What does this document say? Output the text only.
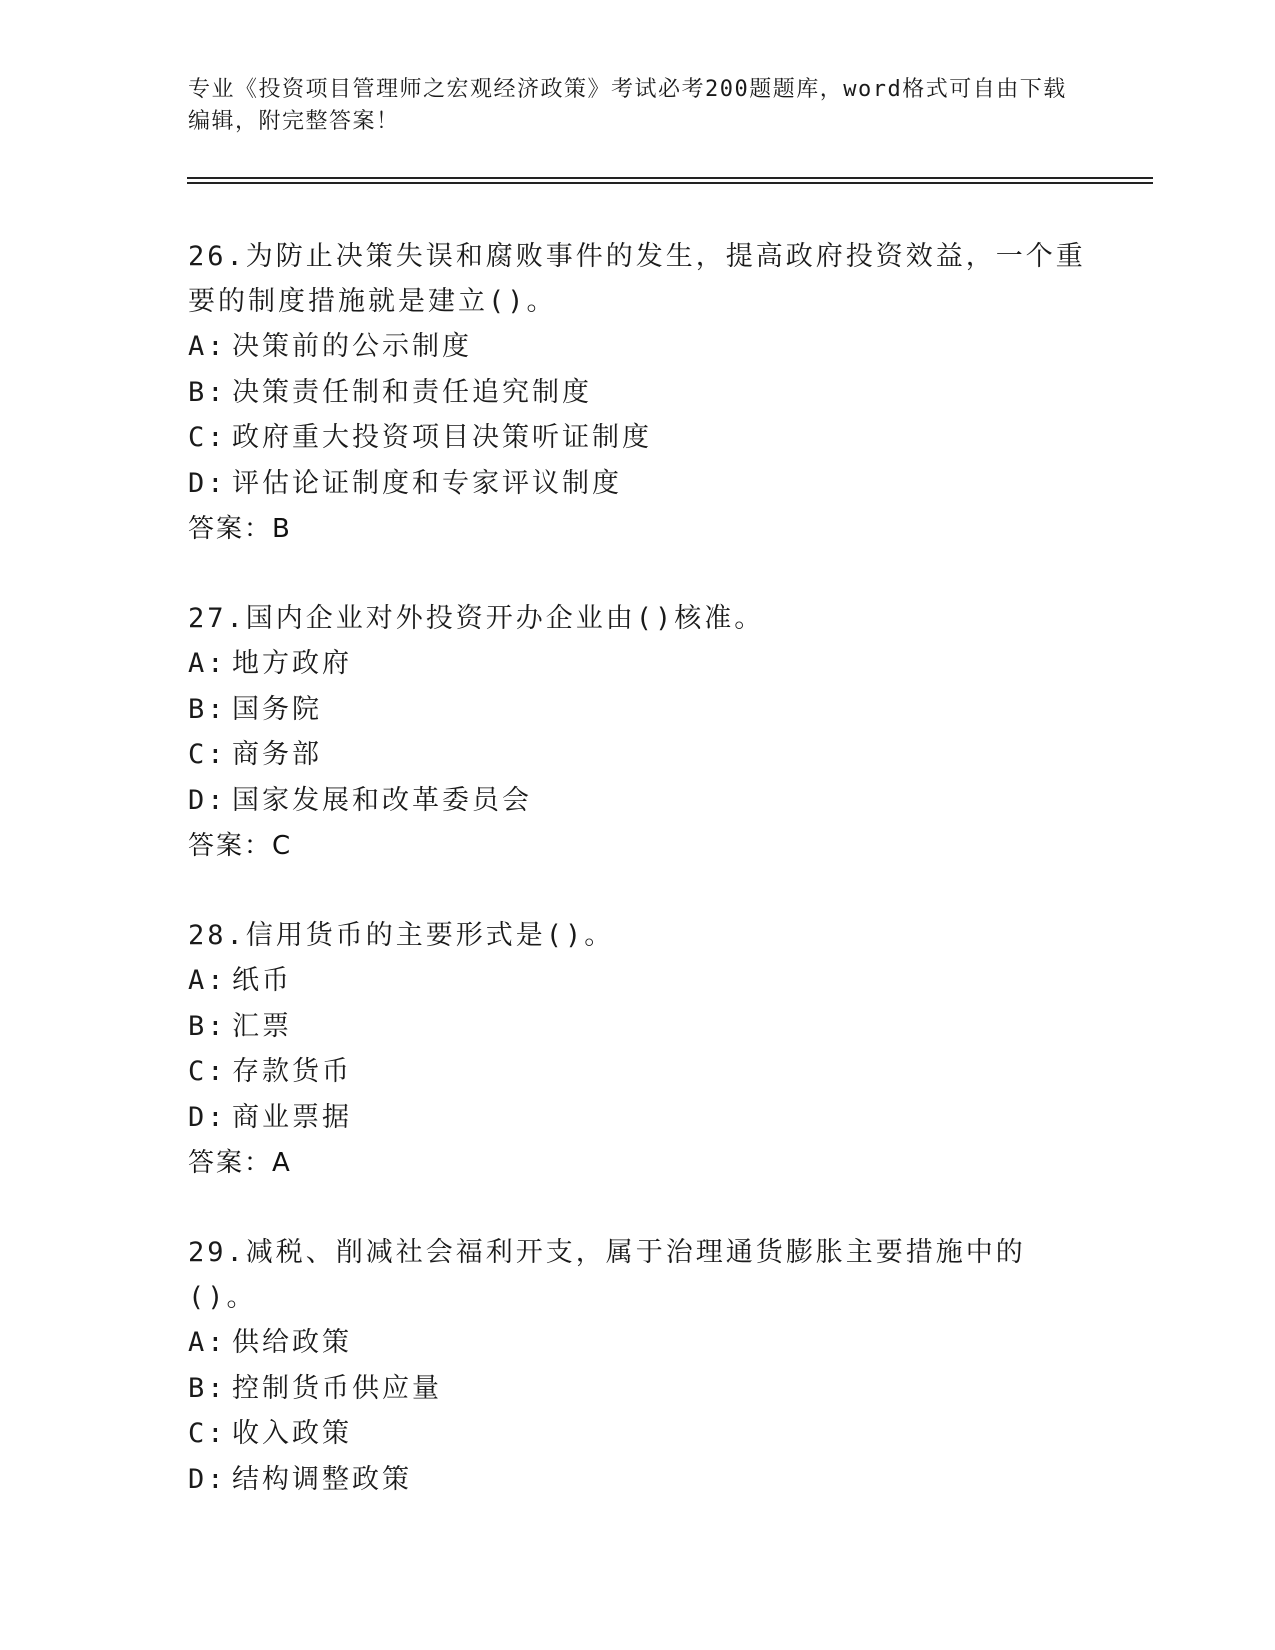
专业《投资项目管理师之宏观经济政策》考试必考200题题库，word格式可自由下载编辑，附完整答案！
26.为防止决策失误和腐败事件的发生，提高政府投资效益，一个重要的制度措施就是建立()。
A: 决策前的公示制度
B: 决策责任制和责任追究制度
C: 政府重大投资项目决策听证制度
D: 评估论证制度和专家评议制度
答案：B
27.国内企业对外投资开办企业由()核准。
A: 地方政府
B: 国务院
C: 商务部
D: 国家发展和改革委员会
答案：C
28.信用货币的主要形式是()。
A: 纸币
B: 汇票
C: 存款货币
D: 商业票据
答案：A
29.减税、削减社会福利开支，属于治理通货膨胀主要措施中的()。
A: 供给政策
B: 控制货币供应量
C: 收入政策
D: 结构调整政策
